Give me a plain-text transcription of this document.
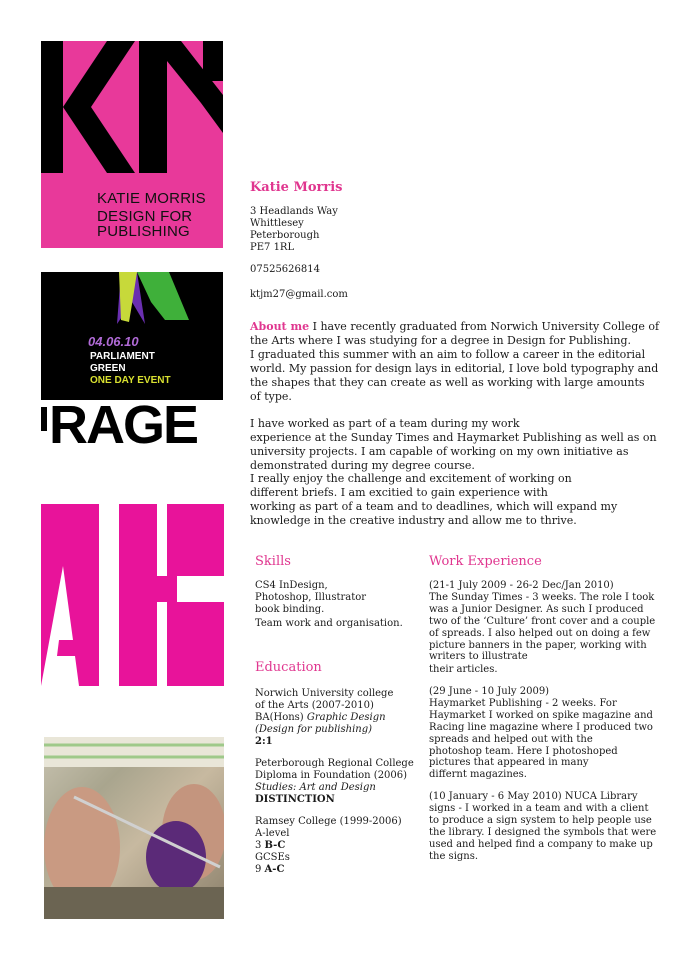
KATIE MORRIS
DESIGN FOR
PUBLISHING
04.06.10
PARLIAMENT
GREEN
ONE DAY EVENT
RAGE
Katie Morris
3 Headlands Way
Whittlesey
Peterborough
PE7 1RL
07525626814
ktjm27@gmail.com
About me I have recently graduated from Norwich University College of
the Arts where I was studying for a degree in Design for Publishing.
I graduated this summer with an aim to follow a career in the editorial
world. My passion for design lays in editorial, I love bold typography and
the shapes that they can create as well as working with large amounts
of type.
I have worked as part of a team during my work
experience at the Sunday Times and Haymarket Publishing as well as on
university projects. I am capable of working on my own initiative as
demonstrated during my degree course.
I really enjoy the challenge and excitement of working on
different briefs. I am excitied to gain experience with
working as part of a team and to deadlines, which will expand my
knowledge in the creative industry and allow me to thrive.
Skills
CS4 InDesign,
Photoshop, Illustrator
book binding.
Team work and organisation.
Education
Norwich University college
of the Arts (2007-2010)
BA(Hons) Graphic Design
(Design for publishing)
2:1
Peterborough Regional College
Diploma in Foundation (2006)
Studies: Art and Design
DISTINCTION
Ramsey College (1999-2006)
A-level
3 B-C
GCSEs
9 A-C
Work Experience
(21-1 July 2009 - 26-2 Dec/Jan 2010)
The Sunday Times - 3 weeks. The role I took
was a Junior Designer. As such I produced
two of the ‘Culture’ front cover and a couple
of spreads. I also helped out on doing a few
picture banners in the paper, working with
writers to illustrate
their articles.
(29 June - 10 July 2009)
Haymarket Publishing - 2 weeks. For
Haymarket I worked on spike magazine and
Racing line magazine where I produced two
spreads and helped out with the
photoshop team. Here I photoshoped
pictures that appeared in many
differnt magazines.
(10 January - 6 May 2010) NUCA Library
signs - I worked in a team and with a client
to produce a sign system to help people use
the library. I designed the symbols that were
used and helped find a company to make up
the signs.
